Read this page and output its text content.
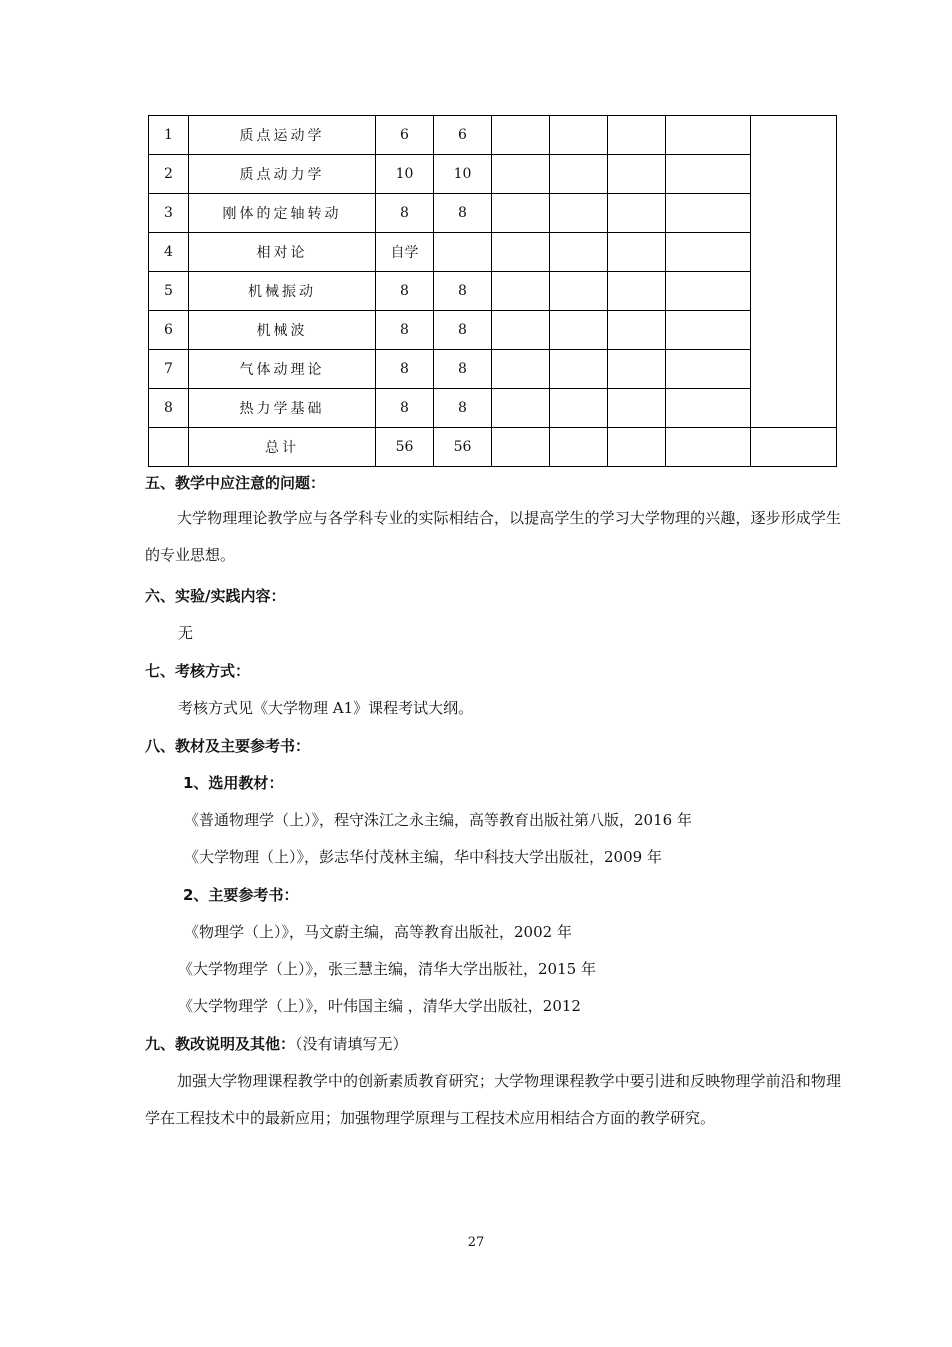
1	质点运动学	6	6					
2	质点动力学	10	10					
3	刚体的定轴转动	8	8					
4	相对论	自学						
5	机械振动	8	8					
6	机械波	8	8					
7	气体动理论	8	8					
8	热力学基础	8	8					
	总计	56	56					
五、教学中应注意的问题：

大学物理理论教学应与各学科专业的实际相结合，以提高学生的学习大学物理的兴趣，逐步形成学生的专业思想。

六、实验/实践内容：
无
七、考核方式：
考核方式见《大学物理 A1》课程考试大纲。
八、教材及主要参考书：
1、选用教材：
《普通物理学（上）》，程守洙江之永主编，高等教育出版社第八版，2016 年
《大学物理（上）》，彭志华付茂林主编，华中科技大学出版社，2009 年
2、主要参考书：
《物理学（上）》，马文蔚主编，高等教育出版社，2002 年
《大学物理学（上）》，张三慧主编，清华大学出版社，2015 年
《大学物理学（上）》，叶伟国主编 ，清华大学出版社，2012
九、教改说明及其他：（没有请填写无）

加强大学物理课程教学中的创新素质教育研究；大学物理课程教学中要引进和反映物理学前沿和物理学在工程技术中的最新应用；加强物理学原理与工程技术应用相结合方面的教学研究。

27
